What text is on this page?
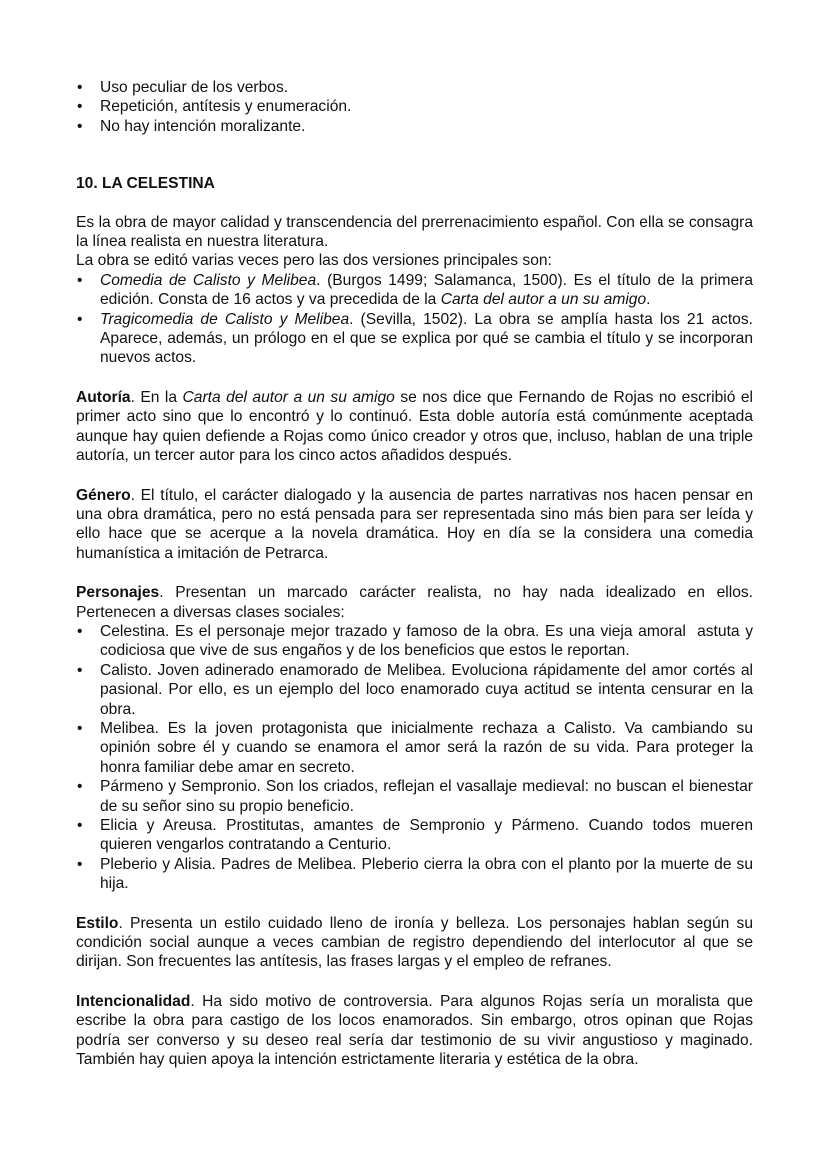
• Uso peculiar de los verbos.
• Repetición, antítesis y enumeración.
• No hay intención moralizante.

10. LA CELESTINA

Es la obra de mayor calidad y transcendencia del prerrenacimiento español. Con ella se consagra la línea realista en nuestra literatura.

La obra se editó varias veces pero las dos versiones principales son:

• Comedia de Calisto y Melibea. (Burgos 1499; Salamanca, 1500). Es el título de la primera edición. Consta de 16 actos y va precedida de la Carta del autor a un su amigo.
• Tragicomedia de Calisto y Melibea. (Sevilla, 1502). La obra se amplía hasta los 21 actos. Aparece, además, un prólogo en el que se explica por qué se cambia el título y se incorporan nuevos actos.

Autoría. En la Carta del autor a un su amigo se nos dice que Fernando de Rojas no escribió el primer acto sino que lo encontró y lo continuó. Esta doble autoría está comúnmente aceptada aunque hay quien defiende a Rojas como único creador y otros que, incluso, hablan de una triple autoría, un tercer autor para los cinco actos añadidos después.

Género. El título, el carácter dialogado y la ausencia de partes narrativas nos hacen pensar en una obra dramática, pero no está pensada para ser representada sino más bien para ser leída y ello hace que se acerque a la novela dramática. Hoy en día se la considera una comedia humanística a imitación de Petrarca.

Personajes. Presentan un marcado carácter realista, no hay nada idealizado en ellos. Pertenecen a diversas clases sociales:

• Celestina. Es el personaje mejor trazado y famoso de la obra. Es una vieja amoral  astuta y codiciosa que vive de sus engaños y de los beneficios que estos le reportan.
• Calisto. Joven adinerado enamorado de Melibea. Evoluciona rápidamente del amor cortés al pasional. Por ello, es un ejemplo del loco enamorado cuya actitud se intenta censurar en la obra.
• Melibea. Es la joven protagonista que inicialmente rechaza a Calisto. Va cambiando su opinión sobre él y cuando se enamora el amor será la razón de su vida. Para proteger la honra familiar debe amar en secreto.
• Pármeno y Sempronio. Son los criados, reflejan el vasallaje medieval: no buscan el bienestar de su señor sino su propio beneficio.
• Elicia y Areusa. Prostitutas, amantes de Sempronio y Pármeno. Cuando todos mueren quieren vengarlos contratando a Centurio.
• Pleberio y Alisia. Padres de Melibea. Pleberio cierra la obra con el planto por la muerte de su hija.

Estilo. Presenta un estilo cuidado lleno de ironía y belleza. Los personajes hablan según su condición social aunque a veces cambian de registro dependiendo del interlocutor al que se dirijan. Son frecuentes las antítesis, las frases largas y el empleo de refranes.

Intencionalidad. Ha sido motivo de controversia. Para algunos Rojas sería un moralista que escribe la obra para castigo de los locos enamorados. Sin embargo, otros opinan que Rojas podría ser converso y su deseo real sería dar testimonio de su vivir angustioso y maginado. También hay quien apoya la intención estrictamente literaria y estética de la obra.
